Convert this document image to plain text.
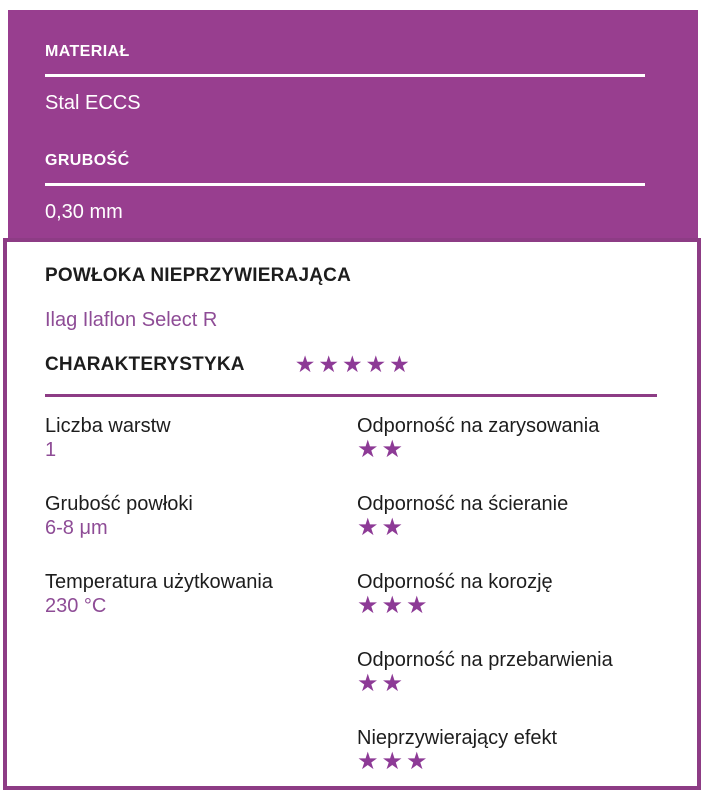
MATERIAŁ
Stal ECCS
GRUBOŚĆ
0,30 mm
POWŁOKA NIEPRZYWIERAJĄCA
Ilag Ilaflon Select R
CHARAKTERYSTYKA ★★★★★
Liczba warstw
1
Grubość powłoki
6-8 μm
Temperatura użytkowania
230 °C
Odporność na zarysowania
★★
Odporność na ścieranie
★★
Odporność na korozję
★★★
Odporność na przebarwienia
★★
Nieprzywierający efekt
★★★
